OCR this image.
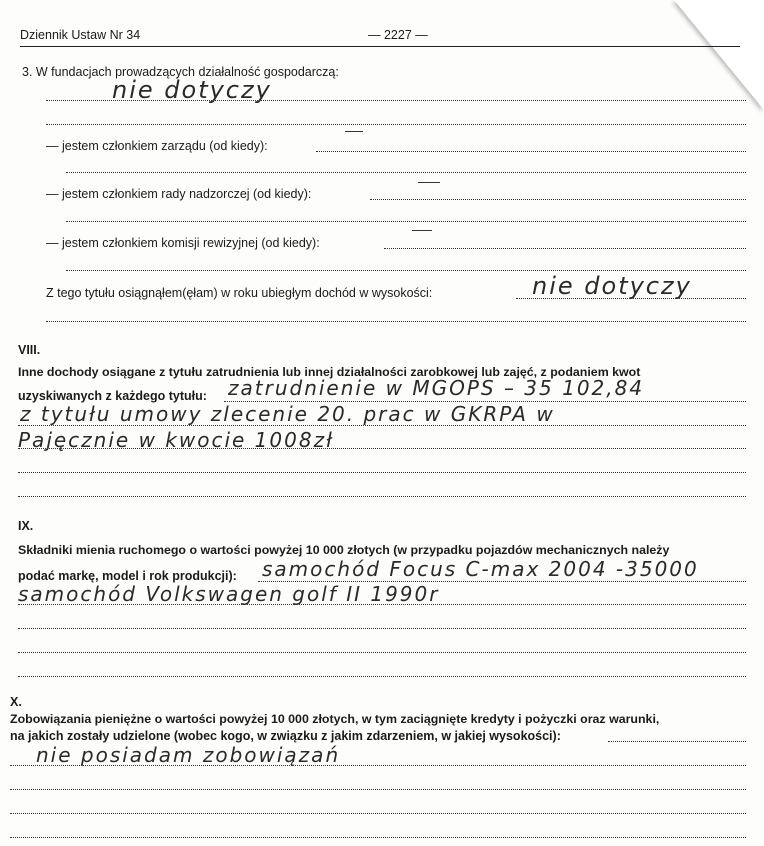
Dziennik Ustaw Nr 34	— 2227 —
3. W fundacjach prowadzących działalność gospodarczą:
nie dotyczy
— jestem członkiem zarządu (od kiedy):
— jestem członkiem rady nadzorczej (od kiedy):
— jestem członkiem komisji rewizyjnej (od kiedy):
Z tego tytułu osiągnąłem(ęłam) w roku ubiegłym dochód w wysokości:	nie dotyczy
VIII.
Inne dochody osiągane z tytułu zatrudnienia lub innej działalności zarobkowej lub zajęć, z podaniem kwot
uzyskiwanych z każdego tytułu: zatrudnienie w MGOPS – 35 102,84
z tytułu umowy zlecenie 20. prac w GKRPA w
Pajęcznie w kwocie 1008zł
IX.
Składniki mienia ruchomego o wartości powyżej 10 000 złotych (w przypadku pojazdów mechanicznych należy
podać markę, model i rok produkcji): samochód Focus C-max 2004 -35000
samochód Volkswagen golf II 1990r
X.
Zobowiązania pieniężne o wartości powyżej 10 000 złotych, w tym zaciągnięte kredyty i pożyczki oraz warunki,
na jakich zostały udzielone (wobec kogo, w związku z jakim zdarzeniem, w jakiej wysokości):
nie posiadam zobowiązań
